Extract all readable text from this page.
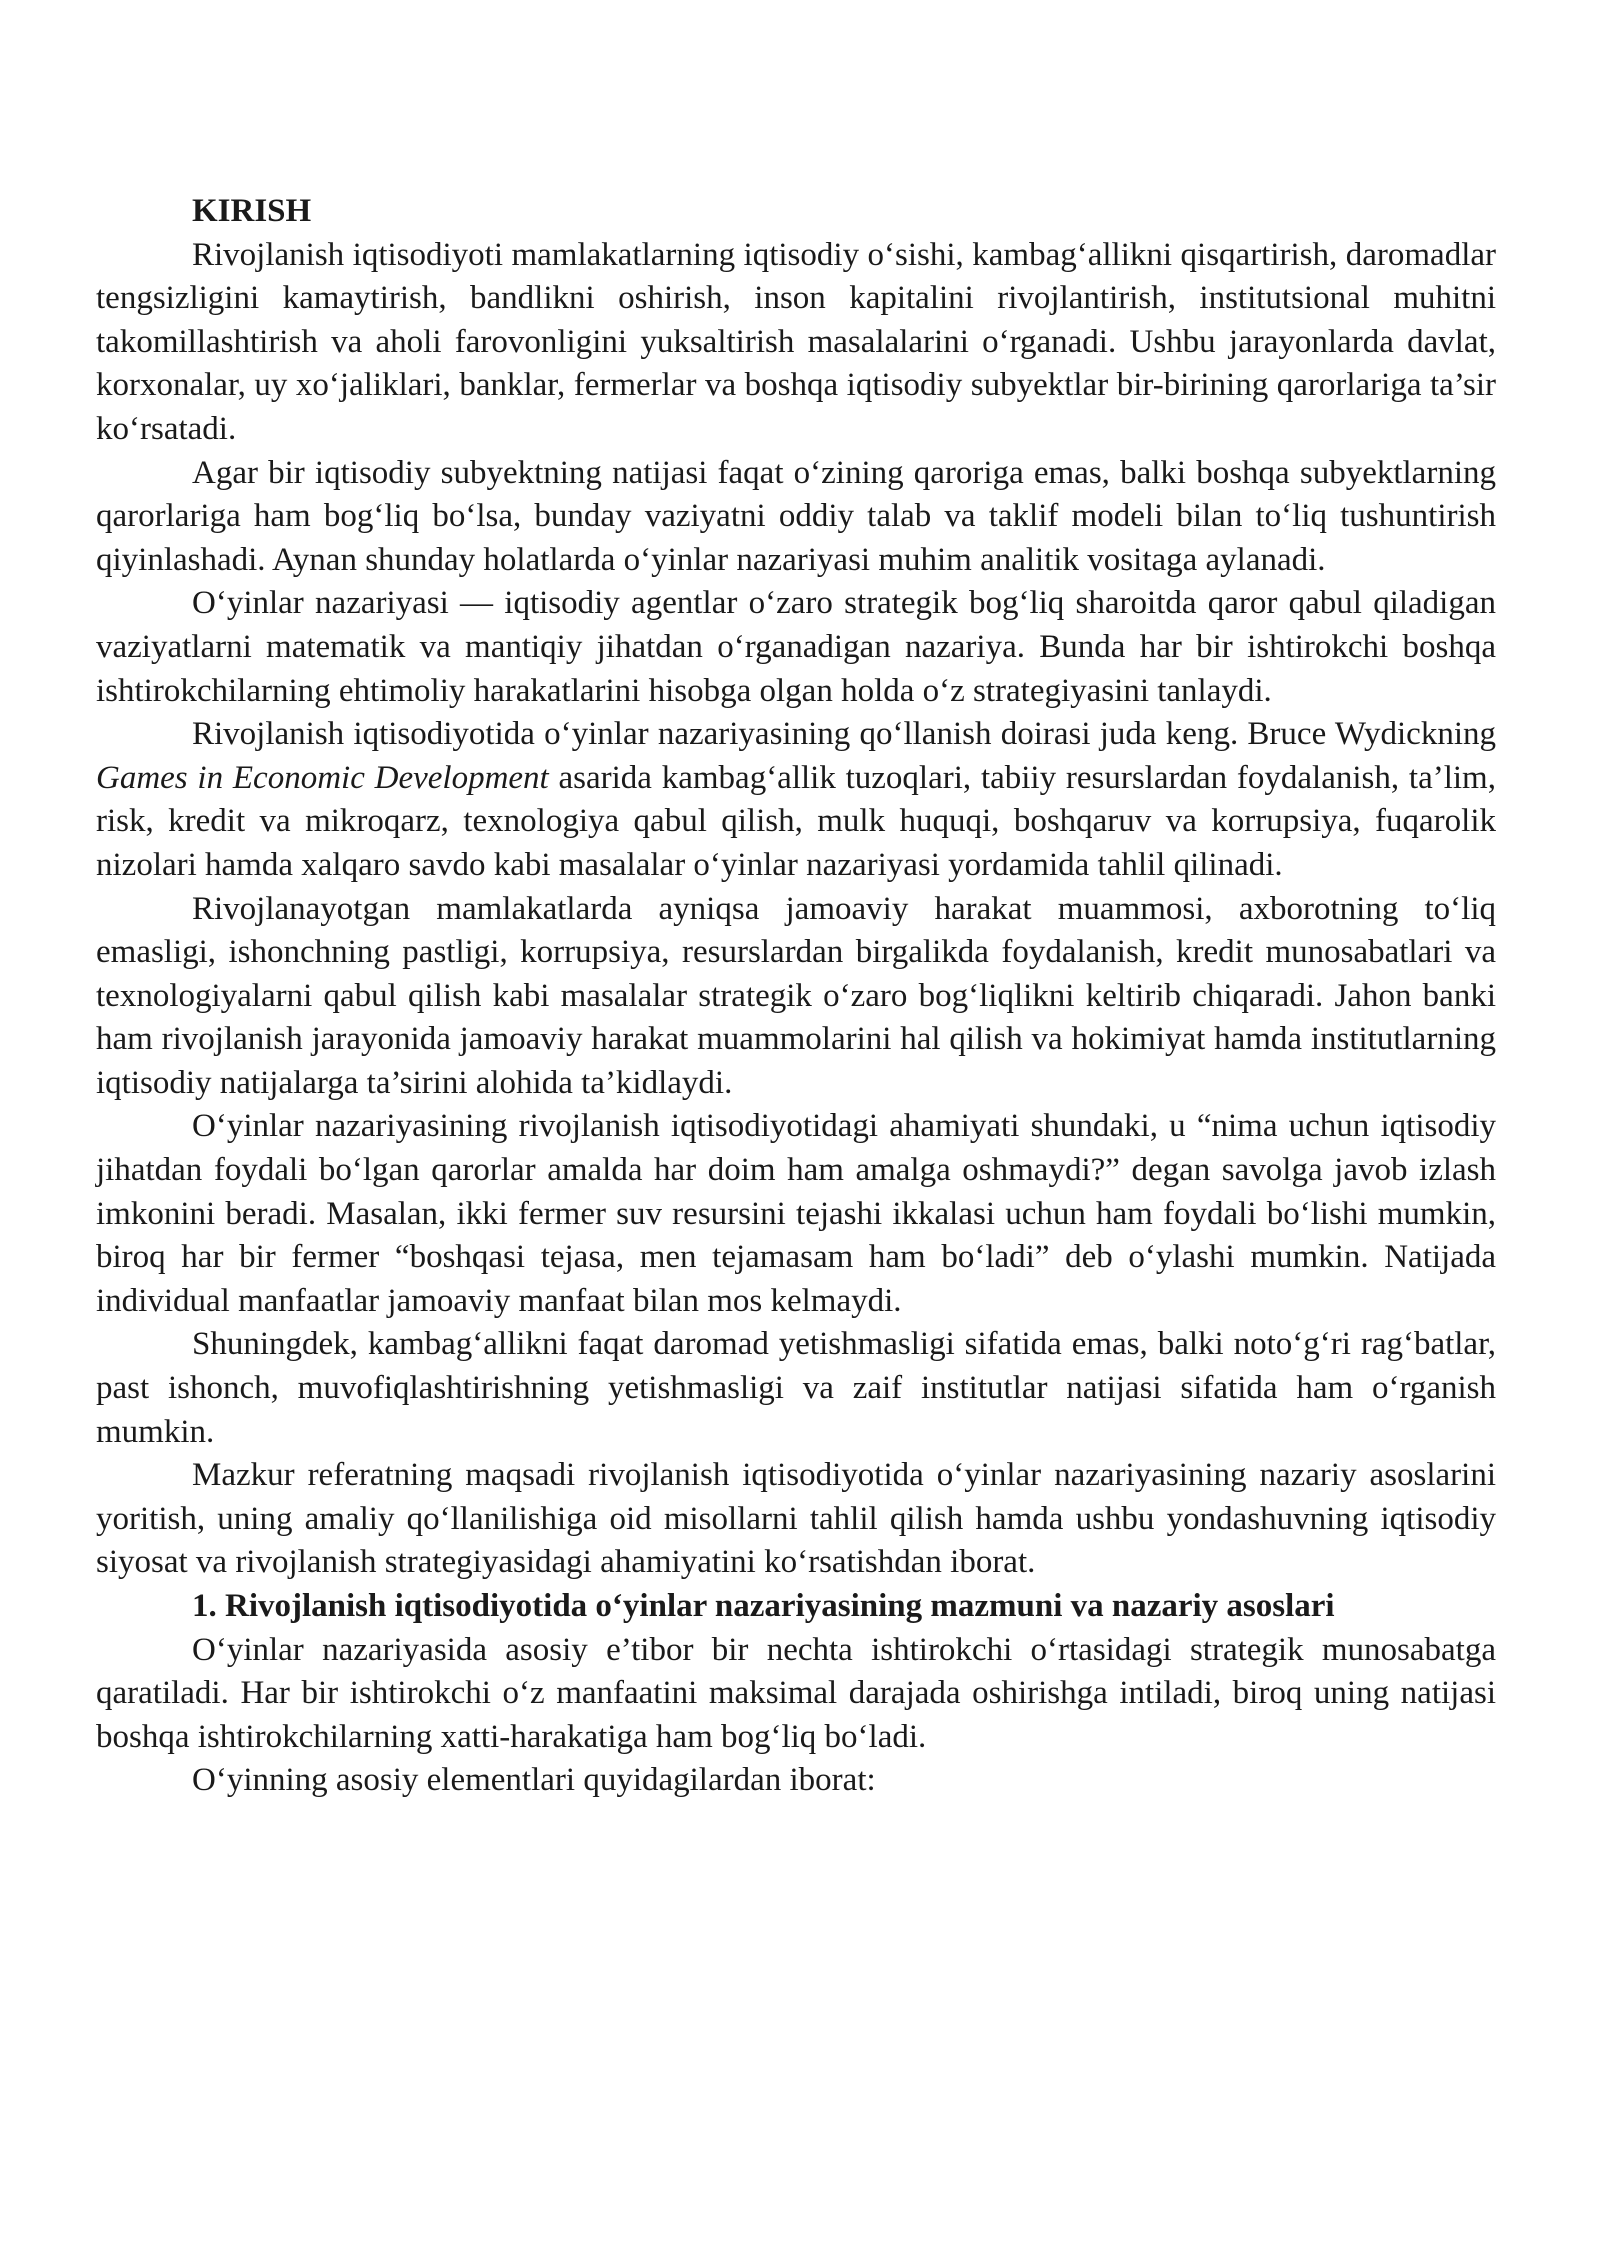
KIRISH

Rivojlanish iqtisodiyoti mamlakatlarning iqtisodiy o‘sishi, kambag‘allikni qisqartirish, daromadlar tengsizligini kamaytirish, bandlikni oshirish, inson kapitalini rivojlantirish, institutsional muhitni takomillashtirish va aholi farovonligini yuksaltirish masalalarini o‘rganadi. Ushbu jarayonlarda davlat, korxonalar, uy xo‘jaliklari, banklar, fermerlar va boshqa iqtisodiy subyektlar bir-birining qarorlariga ta’sir ko‘rsatadi.

Agar bir iqtisodiy subyektning natijasi faqat o‘zining qaroriga emas, balki boshqa subyektlarning qarorlariga ham bog‘liq bo‘lsa, bunday vaziyatni oddiy talab va taklif modeli bilan to‘liq tushuntirish qiyinlashadi. Aynan shunday holatlarda o‘yinlar nazariyasi muhim analitik vositaga aylanadi.

O‘yinlar nazariyasi — iqtisodiy agentlar o‘zaro strategik bog‘liq sharoitda qaror qabul qiladigan vaziyatlarni matematik va mantiqiy jihatdan o‘rganadigan nazariya. Bunda har bir ishtirokchi boshqa ishtirokchilarning ehtimoliy harakatlarini hisobga olgan holda o‘z strategiyasini tanlaydi.

Rivojlanish iqtisodiyotida o‘yinlar nazariyasining qo‘llanish doirasi juda keng. Bruce Wydickning Games in Economic Development asarida kambag‘allik tuzoqlari, tabiiy resurslardan foydalanish, ta’lim, risk, kredit va mikroqarz, texnologiya qabul qilish, mulk huquqi, boshqaruv va korrupsiya, fuqarolik nizolari hamda xalqaro savdo kabi masalalar o‘yinlar nazariyasi yordamida tahlil qilinadi.

Rivojlanayotgan mamlakatlarda ayniqsa jamoaviy harakat muammosi, axborotning to‘liq emasligi, ishonchning pastligi, korrupsiya, resurslardan birgalikda foydalanish, kredit munosabatlari va texnologiyalarni qabul qilish kabi masalalar strategik o‘zaro bog‘liqlikni keltirib chiqaradi. Jahon banki ham rivojlanish jarayonida jamoaviy harakat muammolarini hal qilish va hokimiyat hamda institutlarning iqtisodiy natijalarga ta’sirini alohida ta’kidlaydi.

O‘yinlar nazariyasining rivojlanish iqtisodiyotidagi ahamiyati shundaki, u “nima uchun iqtisodiy jihatdan foydali bo‘lgan qarorlar amalda har doim ham amalga oshmaydi?” degan savolga javob izlash imkonini beradi. Masalan, ikki fermer suv resursini tejashi ikkalasi uchun ham foydali bo‘lishi mumkin, biroq har bir fermer “boshqasi tejasa, men tejamasam ham bo‘ladi” deb o‘ylashi mumkin. Natijada individual manfaatlar jamoaviy manfaat bilan mos kelmaydi.

Shuningdek, kambag‘allikni faqat daromad yetishmasligi sifatida emas, balki noto‘g‘ri rag‘batlar, past ishonch, muvofiqlashtirishning yetishmasligi va zaif institutlar natijasi sifatida ham o‘rganish mumkin.

Mazkur referatning maqsadi rivojlanish iqtisodiyotida o‘yinlar nazariyasining nazariy asoslarini yoritish, uning amaliy qo‘llanilishiga oid misollarni tahlil qilish hamda ushbu yondashuvning iqtisodiy siyosat va rivojlanish strategiyasidagi ahamiyatini ko‘rsatishdan iborat.

1. Rivojlanish iqtisodiyotida o‘yinlar nazariyasining mazmuni va nazariy asoslari

O‘yinlar nazariyasida asosiy e’tibor bir nechta ishtirokchi o‘rtasidagi strategik munosabatga qaratiladi. Har bir ishtirokchi o‘z manfaatini maksimal darajada oshirishga intiladi, biroq uning natijasi boshqa ishtirokchilarning xatti-harakatiga ham bog‘liq bo‘ladi.

O‘yinning asosiy elementlari quyidagilardan iborat:
